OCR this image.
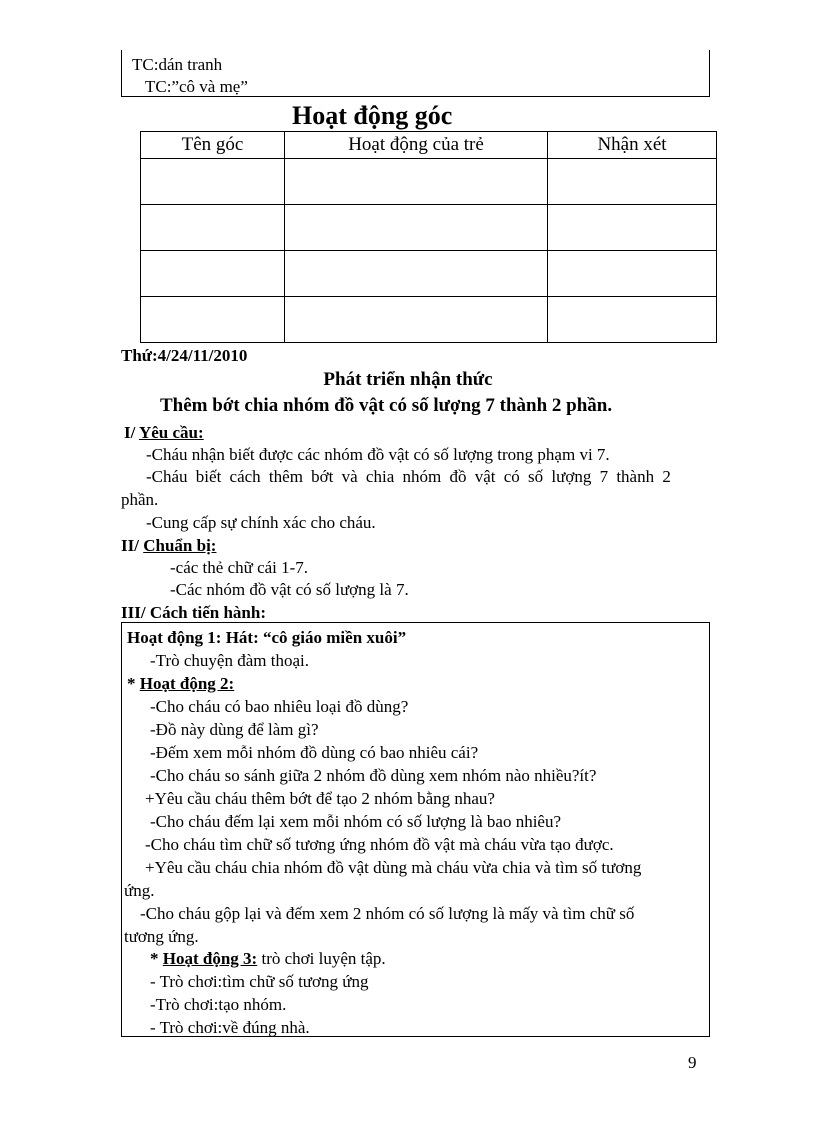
TC:dán tranh
TC:”cô và mẹ”
Hoạt động góc
Tên góc	Hoạt động của trẻ	Nhận xét

Thứ:4/24/11/2010
Phát triển nhận thức
Thêm bớt chia nhóm đồ vật có số lượng 7 thành 2 phần.
I/ Yêu cầu:
-Cháu nhận biết được các nhóm đồ vật có số lượng trong phạm vi 7.
-Cháu biết cách thêm bớt và chia nhóm đồ vật có số lượng 7 thành 2
phần.
-Cung cấp sự chính xác cho cháu.
II/ Chuẩn bị:
-các thẻ chữ cái 1-7.
-Các nhóm đồ vật có số lượng là 7.
III/ Cách tiến hành:
Hoạt động 1: Hát: “cô giáo miền xuôi”
-Trò chuyện đàm thoại.
* Hoạt động 2:
-Cho cháu có bao nhiêu loại đồ dùng?
-Đồ này dùng để làm gì?
-Đếm xem mỗi nhóm đồ dùng có bao nhiêu cái?
-Cho cháu so sánh giữa 2 nhóm đồ dùng xem nhóm nào nhiều?ít?
+Yêu cầu cháu thêm bớt để tạo 2 nhóm bằng nhau?
-Cho cháu đếm lại xem mỗi nhóm có số lượng là bao nhiêu?
-Cho cháu tìm chữ số tương ứng nhóm đồ vật mà cháu vừa tạo được.
+Yêu cầu cháu chia nhóm đồ vật dùng mà cháu vừa chia và tìm số tương
ứng.
-Cho cháu gộp lại và đếm xem 2 nhóm có số lượng là mấy và tìm chữ số
tương ứng.
* Hoạt động 3: trò chơi luyện tập.
- Trò chơi:tìm chữ số tương ứng
-Trò chơi:tạo nhóm.
- Trò chơi:về đúng nhà.
9
